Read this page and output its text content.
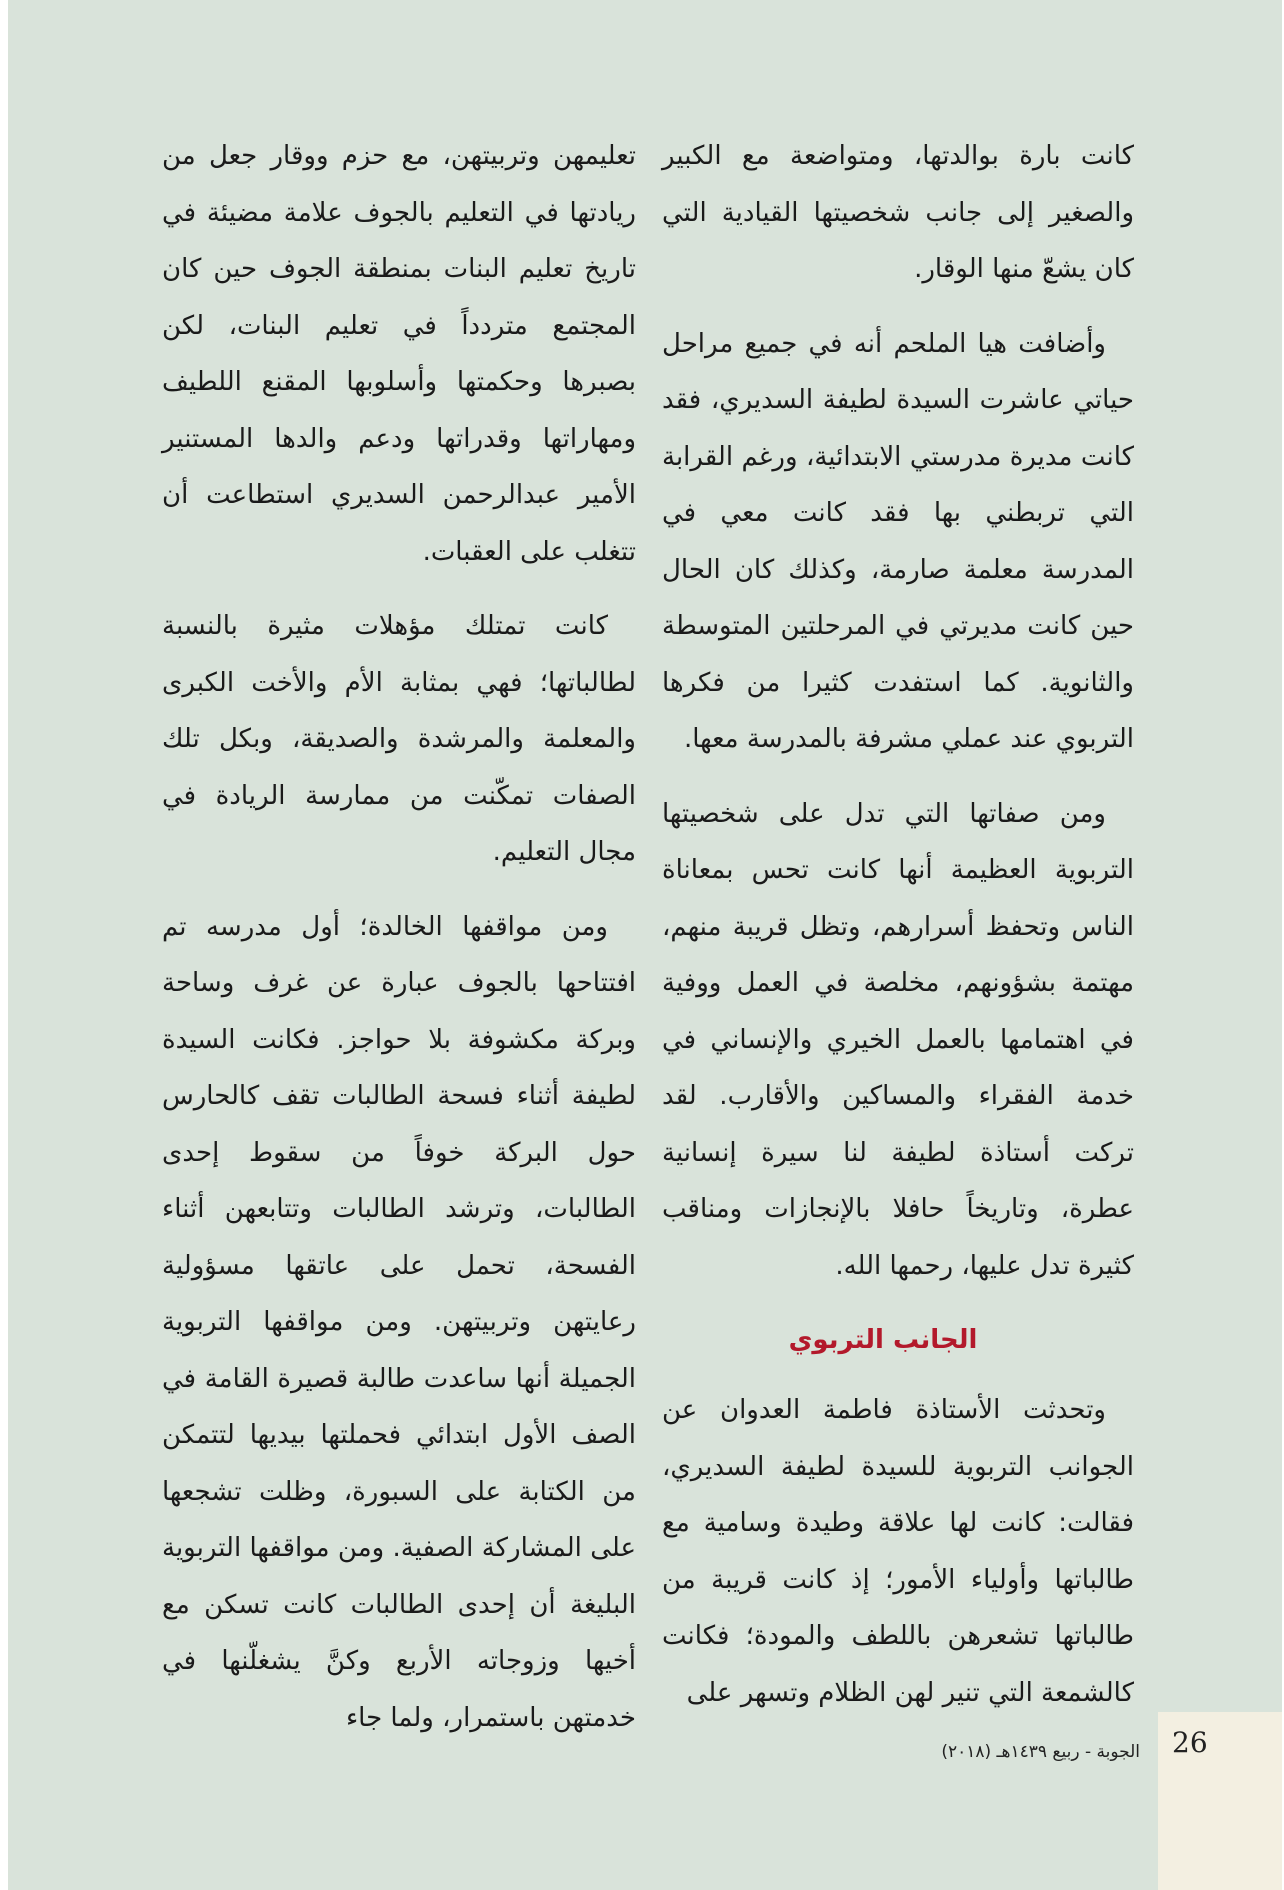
كانت بارة بوالدتها، ومتواضعة مع الكبير والصغير إلى جانب شخصيتها القيادية التي كان يشعّ منها الوقار.

وأضافت هيا الملحم أنه في جميع مراحل حياتي عاشرت السيدة لطيفة السديري، فقد كانت مديرة مدرستي الابتدائية، ورغم القرابة التي تربطني بها فقد كانت معي في المدرسة معلمة صارمة، وكذلك كان الحال حين كانت مديرتي في المرحلتين المتوسطة والثانوية. كما استفدت كثيرا من فكرها التربوي عند عملي مشرفة بالمدرسة معها.

ومن صفاتها التي تدل على شخصيتها التربوية العظيمة أنها كانت تحس بمعاناة الناس وتحفظ أسرارهم، وتظل قريبة منهم، مهتمة بشؤونهم، مخلصة في العمل ووفية في اهتمامها بالعمل الخيري والإنساني في خدمة الفقراء والمساكين والأقارب. لقد تركت أستاذة لطيفة لنا سيرة إنسانية عطرة، وتاريخاً حافلا بالإنجازات ومناقب كثيرة تدل عليها، رحمها الله.

الجانب التربوي

وتحدثت الأستاذة فاطمة العدوان عن الجوانب التربوية للسيدة لطيفة السديري، فقالت: كانت لها علاقة وطيدة وسامية مع طالباتها وأولياء الأمور؛ إذ كانت قريبة من طالباتها تشعرهن باللطف والمودة؛ فكانت كالشمعة التي تنير لهن الظلام وتسهر على

تعليمهن وتربيتهن، مع حزم ووقار جعل من ريادتها في التعليم بالجوف علامة مضيئة في تاريخ تعليم البنات بمنطقة الجوف حين كان المجتمع متردداً في تعليم البنات، لكن بصبرها وحكمتها وأسلوبها المقنع اللطيف ومهاراتها وقدراتها ودعم والدها المستنير الأمير عبدالرحمن السديري استطاعت أن تتغلب على العقبات.

كانت تمتلك مؤهلات مثيرة بالنسبة لطالباتها؛ فهي بمثابة الأم والأخت الكبرى والمعلمة والمرشدة والصديقة، وبكل تلك الصفات تمكّنت من ممارسة الريادة في مجال التعليم.

ومن مواقفها الخالدة؛ أول مدرسه تم افتتاحها بالجوف عبارة عن غرف وساحة وبركة مكشوفة بلا حواجز. فكانت السيدة لطيفة أثناء فسحة الطالبات تقف كالحارس حول البركة خوفاً من سقوط إحدى الطالبات، وترشد الطالبات وتتابعهن أثناء الفسحة، تحمل على عاتقها مسؤولية رعايتهن وتربيتهن. ومن مواقفها التربوية الجميلة أنها ساعدت طالبة قصيرة القامة في الصف الأول ابتدائي فحملتها بيديها لتتمكن من الكتابة على السبورة، وظلت تشجعها على المشاركة الصفية. ومن مواقفها التربوية البليغة أن إحدى الطالبات كانت تسكن مع أخيها وزوجاته الأربع وكنَّ يشغلّنها في خدمتهن باستمرار، ولما جاء

26
الجوبة - ربيع ١٤٣٩هـ (٢٠١٨)
